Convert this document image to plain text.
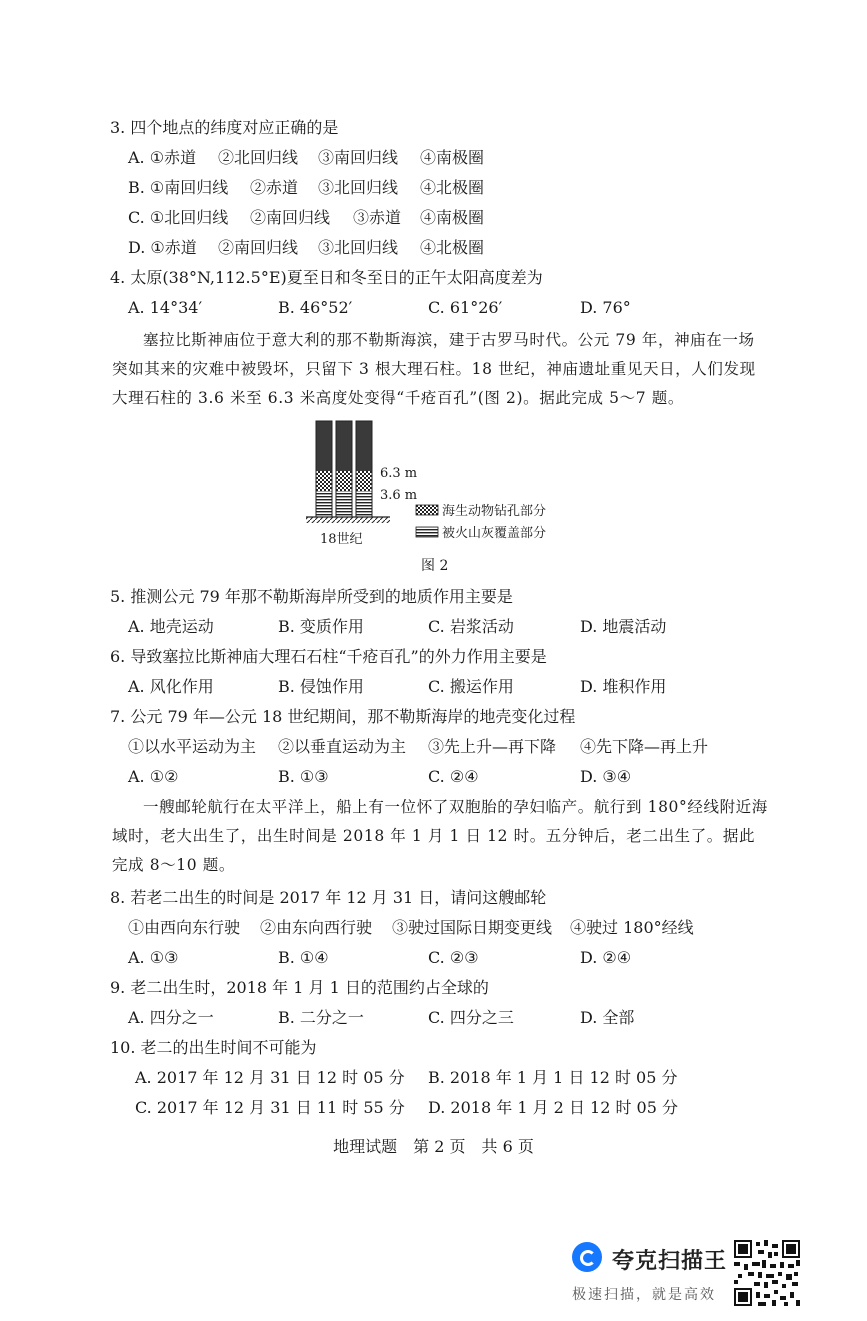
3. 四个地点的纬度对应正确的是
A. ①赤道 ②北回归线 ③南回归线 ④南极圈
B. ①南回归线 ②赤道 ③北回归线 ④北极圈
C. ①北回归线 ②南回归线 ③赤道 ④南极圈
D. ①赤道 ②南回归线 ③北回归线 ④北极圈
4. 太原(38°N,112.5°E)夏至日和冬至日的正午太阳高度差为
A. 14°34′	B. 46°52′	C. 61°26′	D. 76°

塞拉比斯神庙位于意大利的那不勒斯海滨，建于古罗马时代。公元 79 年，神庙在一场突如其来的灾难中被毁坏，只留下 3 根大理石柱。18 世纪，神庙遗址重见天日，人们发现大理石柱的 3.6 米至 6.3 米高度处变得“千疮百孔”(图 2)。据此完成 5～7 题。

6.3 m
3.6 m
18世纪
海生动物钻孔部分
被火山灰覆盖部分
图 2
5. 推测公元 79 年那不勒斯海岸所受到的地质作用主要是
A. 地壳运动	B. 变质作用	C. 岩浆活动	D. 地震活动
6. 导致塞拉比斯神庙大理石石柱“千疮百孔”的外力作用主要是
A. 风化作用	B. 侵蚀作用	C. 搬运作用	D. 堆积作用
7. 公元 79 年—公元 18 世纪期间，那不勒斯海岸的地壳变化过程
①以水平运动为主 ②以垂直运动为主 ③先上升—再下降 ④先下降—再上升
A. ①②	B. ①③	C. ②④	D. ③④

一艘邮轮航行在太平洋上，船上有一位怀了双胞胎的孕妇临产。航行到 180°经线附近海域时，老大出生了，出生时间是 2018 年 1 月 1 日 12 时。五分钟后，老二出生了。据此完成 8～10 题。

8. 若老二出生的时间是 2017 年 12 月 31 日，请问这艘邮轮
①由西向东行驶 ②由东向西行驶 ③驶过国际日期变更线 ④驶过 180°经线
A. ①③	B. ①④	C. ②③	D. ②④
9. 老二出生时，2018 年 1 月 1 日的范围约占全球的
A. 四分之一	B. 二分之一	C. 四分之三	D. 全部
10. 老二的出生时间不可能为
A. 2017 年 12 月 31 日 12 时 05 分 B. 2018 年 1 月 1 日 12 时 05 分
C. 2017 年 12 月 31 日 11 时 55 分 D. 2018 年 1 月 2 日 12 时 05 分
地理试题　第 2 页　共 6 页
夸克扫描王
极速扫描，就是高效
